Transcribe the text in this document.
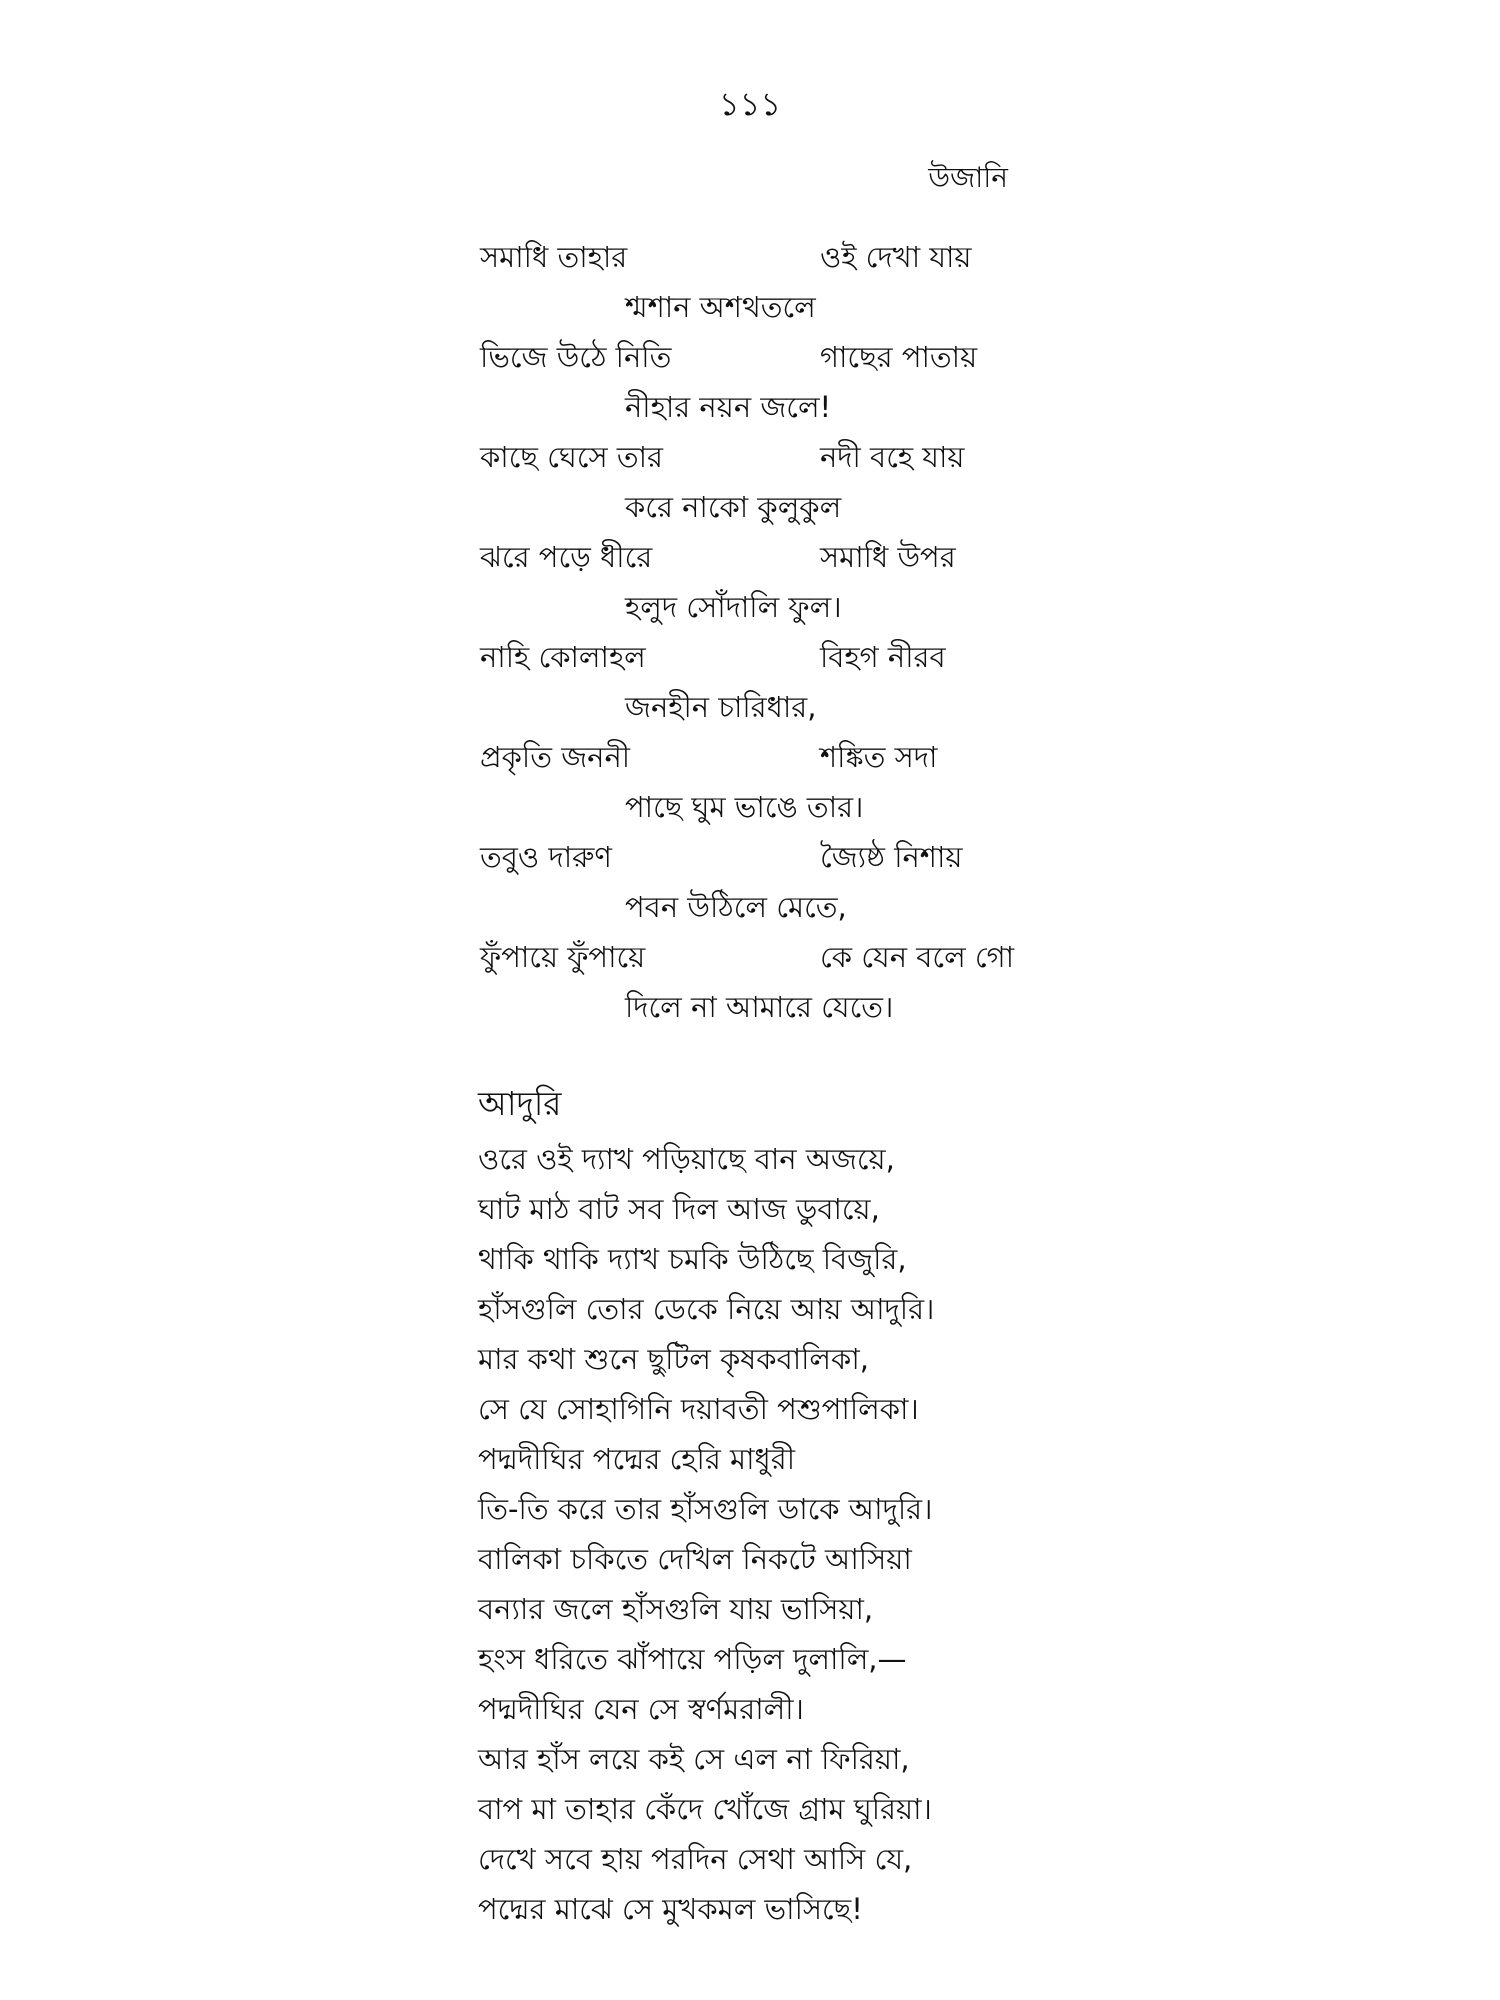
১১১
উজানি
সমাধি তাহার	ওই দেখা যায়
শ্মশান অশথতলে
ভিজে উঠে নিতি	গাছের পাতায়
নীহার নয়ন জলে!
কাছে ঘেসে তার	নদী বহে যায়
করে নাকো কুলুকুল
ঝরে পড়ে ধীরে	সমাধি উপর
হলুদ সোঁদালি ফুল।
নাহি কোলাহল	বিহগ নীরব
জনহীন চারিধার,
প্রকৃতি জননী	শঙ্কিত সদা
পাছে ঘুম ভাঙে তার।
তবুও দারুণ	জ্যৈষ্ঠ নিশায়
পবন উঠিলে মেতে,
ফুঁপায়ে ফুঁপায়ে	কে যেন বলে গো
দিলে না আমারে যেতে।
আদুরি
ওরে ওই দ্যাখ পড়িয়াছে বান অজয়ে,
ঘাট মাঠ বাট সব দিল আজ ডুবায়ে,
থাকি থাকি দ্যাখ চমকি উঠিছে বিজুরি,
হাঁসগুলি তোর ডেকে নিয়ে আয় আদুরি।
মার কথা শুনে ছুটিল কৃষকবালিকা,
সে যে সোহাগিনি দয়াবতী পশুপালিকা।
পদ্মদীঘির পদ্মের হেরি মাধুরী
তি-তি করে তার হাঁসগুলি ডাকে আদুরি।
বালিকা চকিতে দেখিল নিকটে আসিয়া
বন্যার জলে হাঁসগুলি যায় ভাসিয়া,
হংস ধরিতে ঝাঁপায়ে পড়িল দুলালি,—
পদ্মদীঘির যেন সে স্বর্ণমরালী।
আর হাঁস লয়ে কই সে এল না ফিরিয়া,
বাপ মা তাহার কেঁদে খোঁজে গ্রাম ঘুরিয়া।
দেখে সবে হায় পরদিন সেথা আসি যে,
পদ্মের মাঝে সে মুখকমল ভাসিছে!
